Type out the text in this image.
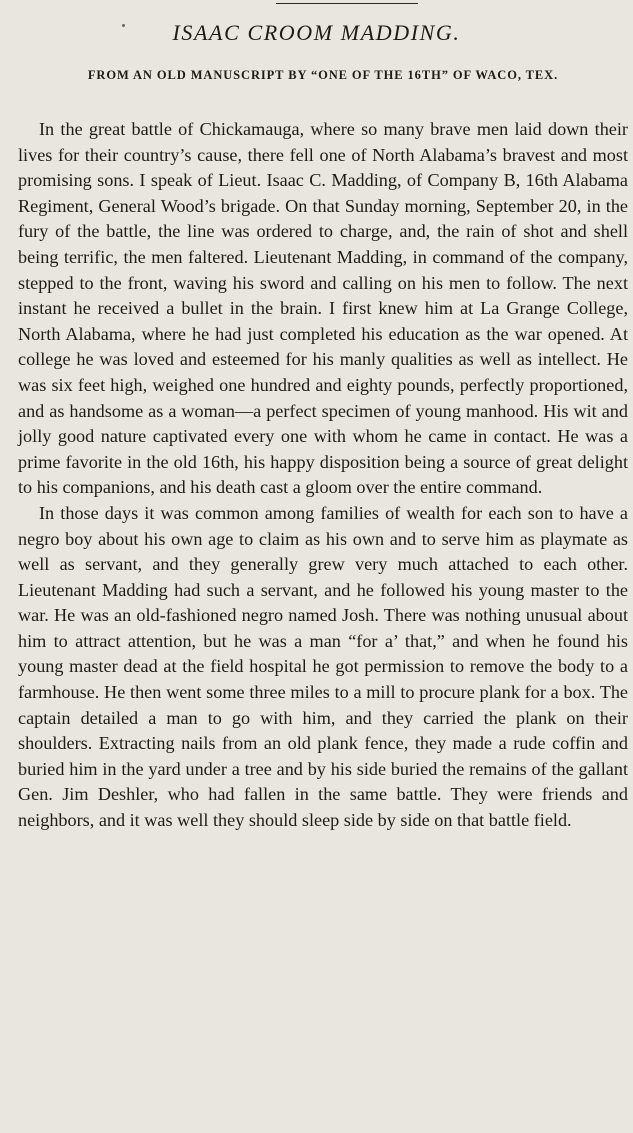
ISAAC CROOM MADDING.
FROM AN OLD MANUSCRIPT BY “ONE OF THE 16TH” OF WACO, TEX.

In the great battle of Chickamauga, where so many brave men laid down their lives for their country’s cause, there fell one of North Alabama’s bravest and most promising sons. I speak of Lieut. Isaac C. Madding, of Company B, 16th Alabama Regiment, General Wood’s brigade. On that Sunday morning, September 20, in the fury of the battle, the line was ordered to charge, and, the rain of shot and shell being terrific, the men faltered. Lieutenant Madding, in command of the company, stepped to the front, waving his sword and calling on his men to follow. The next instant he received a bullet in the brain. I first knew him at La Grange College, North Alabama, where he had just completed his education as the war opened. At college he was loved and esteemed for his manly qualities as well as intellect. He was six feet high, weighed one hundred and eighty pounds, perfectly proportioned, and as handsome as a woman—a perfect specimen of young manhood. His wit and jolly good nature captivated every one with whom he came in contact. He was a prime favorite in the old 16th, his happy disposition being a source of great delight to his companions, and his death cast a gloom over the entire command.

In those days it was common among families of wealth for each son to have a negro boy about his own age to claim as his own and to serve him as playmate as well as servant, and they generally grew very much attached to each other. Lieutenant Madding had such a servant, and he followed his young master to the war. He was an old-fashioned negro named Josh. There was nothing unusual about him to attract attention, but he was a man “for a’ that,” and when he found his young master dead at the field hospital he got permission to remove the body to a farmhouse. He then went some three miles to a mill to procure plank for a box. The captain detailed a man to go with him, and they carried the plank on their shoulders. Extracting nails from an old plank fence, they made a rude coffin and buried him in the yard under a tree and by his side buried the remains of the gallant Gen. Jim Deshler, who had fallen in the same battle. They were friends and neighbors, and it was well they should sleep side by side on that battle field.
